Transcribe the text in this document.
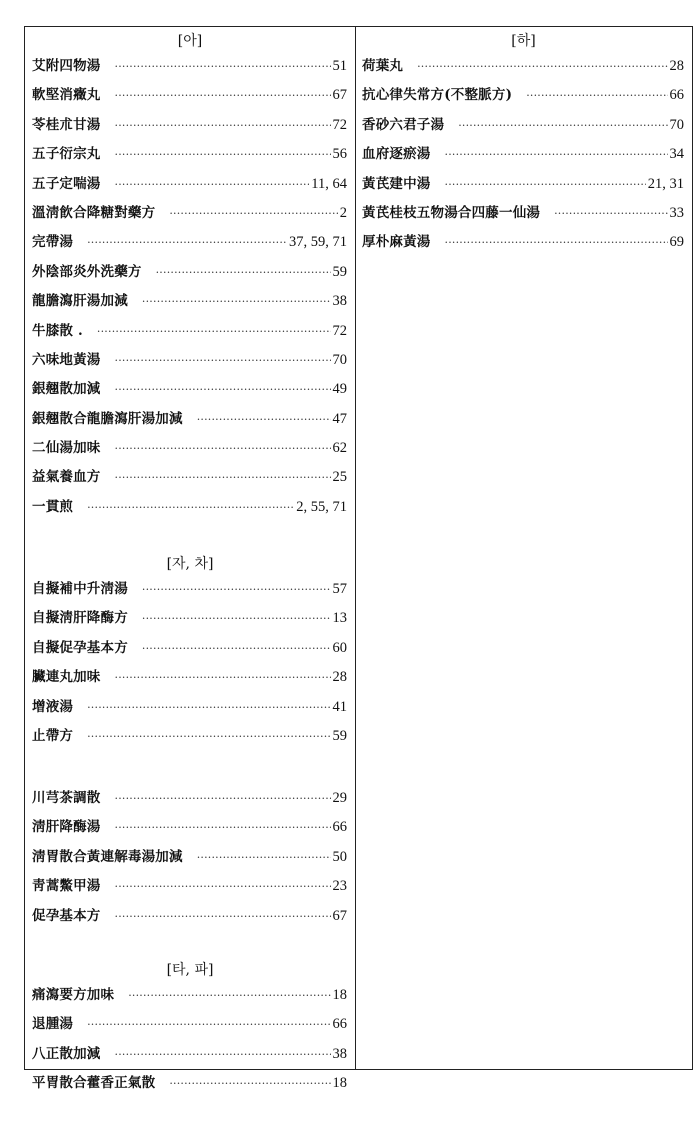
[아]
艾附四物湯 ·····	51
軟堅消癥丸 ·····	67
苓桂朮甘湯 ·····	72
五子衍宗丸 ·····	56
五子定喘湯 ·····	11, 64
溫淸飮合降糖對藥方 ·····	2
完帶湯 ·····	37, 59, 71
外陰部炎外洗藥方 ·····	59
龍膽瀉肝湯加減 ·····	38
牛膝散 . ·····	72
六味地黃湯 ·····	70
銀翹散加減 ·····	49
銀翹散合龍膽瀉肝湯加減 ·····	47
二仙湯加味 ·····	62
益氣養血方 ·····	25
一貫煎 ·····	2, 55, 71
[자, 차]
自擬補中升淸湯 ·····	57
自擬淸肝降酶方 ·····	13
自擬促孕基本方 ·····	60
臟連丸加味 ·····	28
增液湯 ·····	41
止帶方 ·····	59
川芎茶調散 ·····	29
淸肝降酶湯 ·····	66
淸胃散合黃連解毒湯加減 ·····	50
靑蒿鱉甲湯 ·····	23
促孕基本方 ·····	67
[타, 파]
痛瀉要方加味 ·····	18
退腫湯 ·····	66
八正散加減 ·····	38
平胃散合藿香正氣散 ·····	18
[하]
荷葉丸 ·····	28
抗心律失常方(不整脈方) ·····	66
香砂六君子湯 ·····	70
血府逐瘀湯 ·····	34
黃芪建中湯 ·····	21, 31
黃芪桂枝五物湯合四藤一仙湯 ·····	33
厚朴麻黃湯 ·····	69
